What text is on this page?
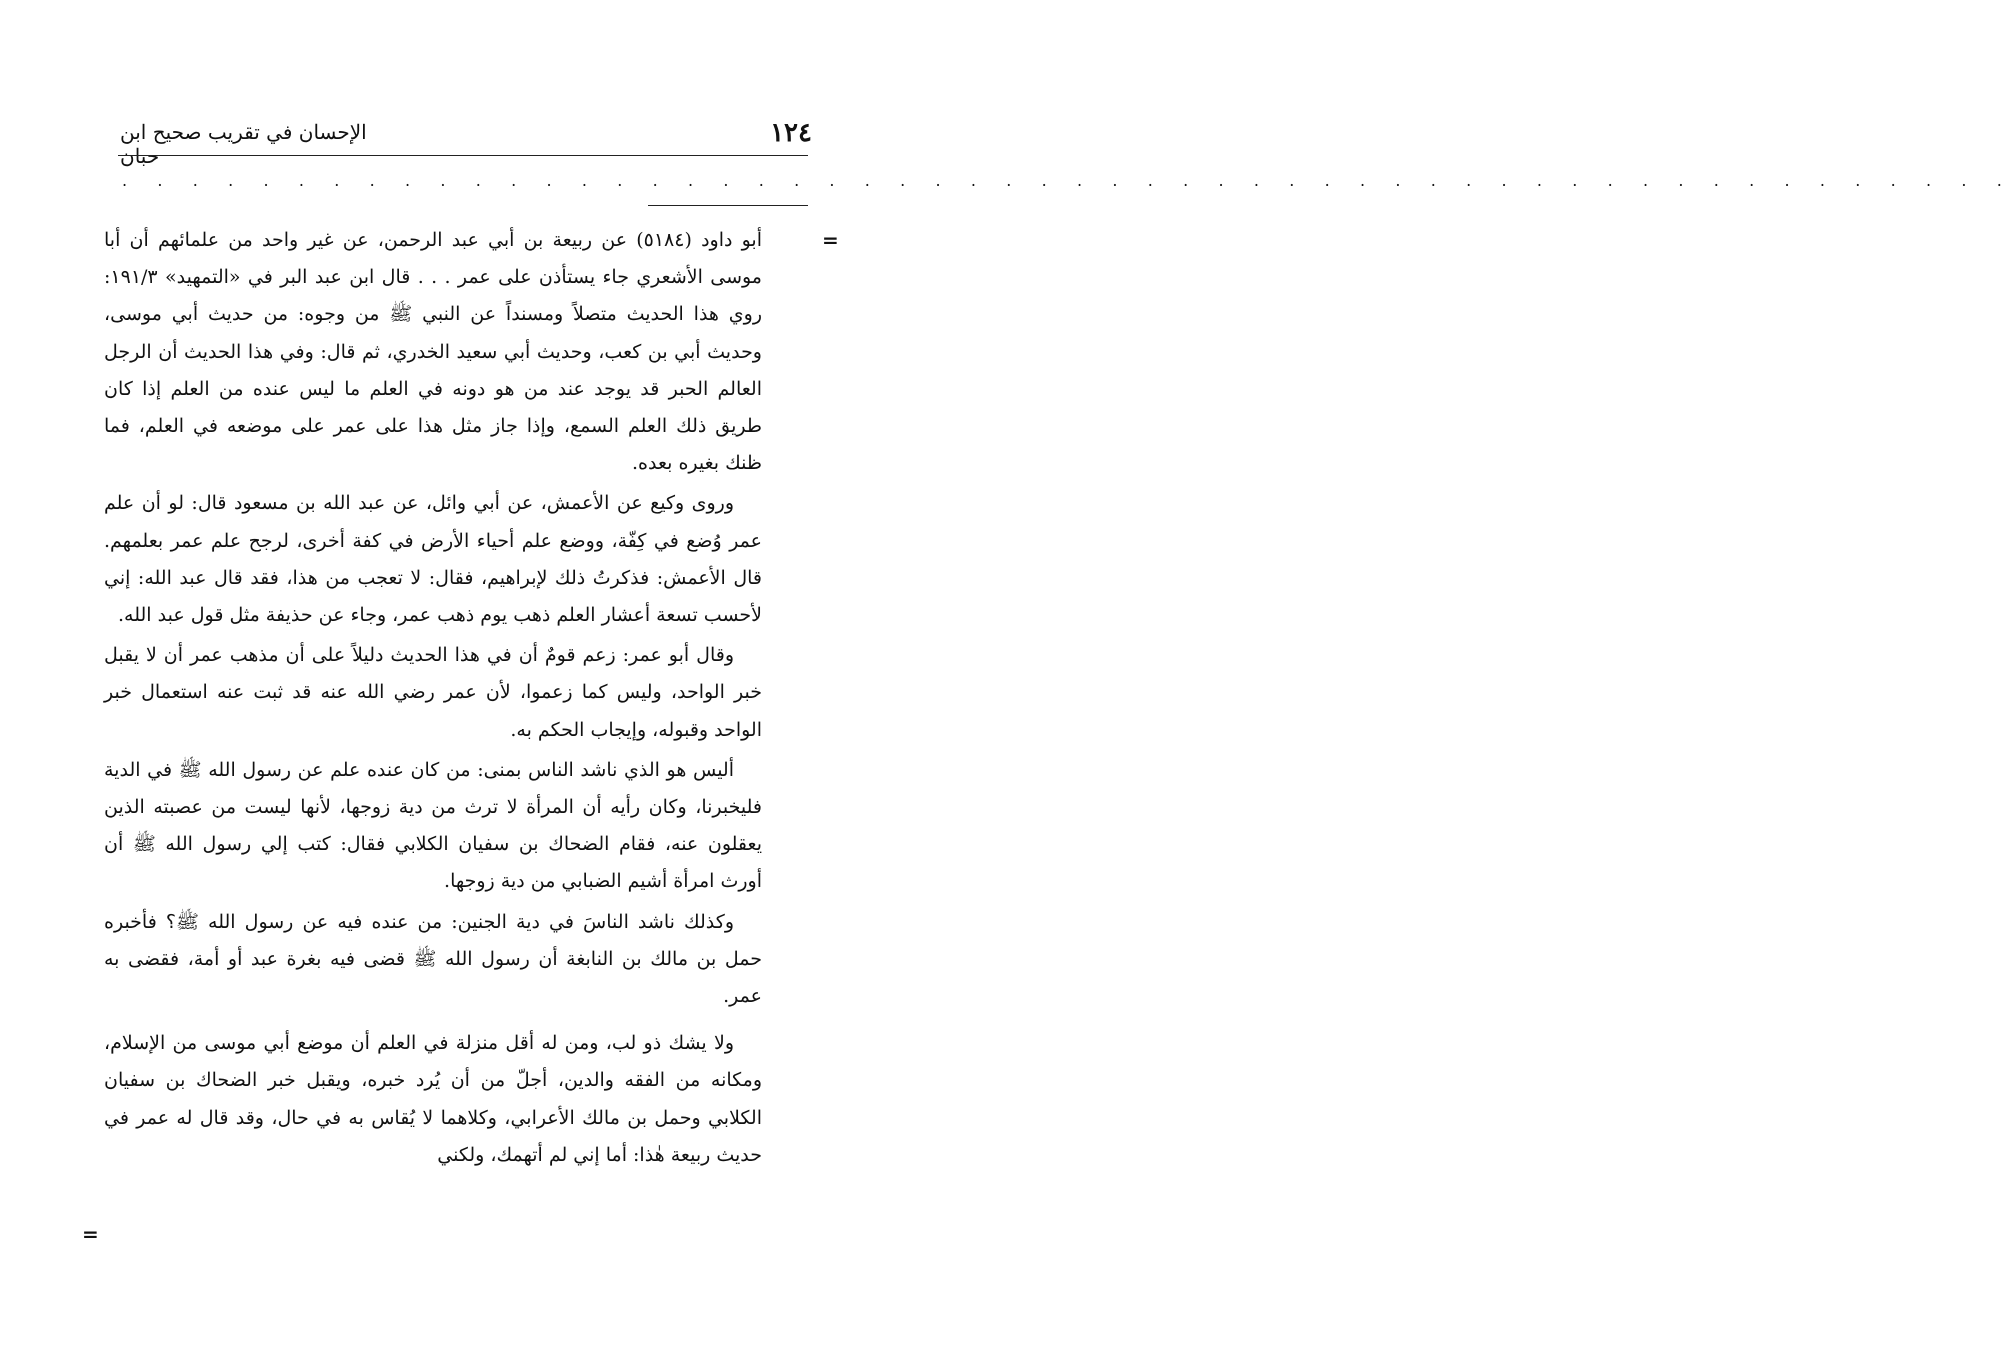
١٢٤
الإحسان في تقريب صحيح ابن حبان
. . . . . . . . . . . . . . . . . . . . . . . . . . . . . . . . . . . . . . . . . . . . . . . . . . . . . .
=

أبو داود (٥١٨٤) عن ربيعة بن أبي عبد الرحمن، عن غير واحد من علمائهم أن أبا موسى الأشعري جاء يستأذن على عمر . . . قال ابن عبد البر في «التمهيد» ١٩١/٣: روي هذا الحديث متصلاً ومسنداً عن النبي ﷺ من وجوه: من حديث أبي موسى، وحديث أبي بن كعب، وحديث أبي سعيد الخدري، ثم قال: وفي هذا الحديث أن الرجل العالم الحبر قد يوجد عند من هو دونه في العلم ما ليس عنده من العلم إذا كان طريق ذلك العلم السمع، وإذا جاز مثل هذا على عمر على موضعه في العلم، فما ظنك بغيره بعده.

وروى وكيع عن الأعمش، عن أبي وائل، عن عبد الله بن مسعود قال: لو أن علم عمر وُضع في كِفّة، ووضع علم أحياء الأرض في كفة أخرى، لرجح علم عمر بعلمهم. قال الأعمش: فذكرتُ ذلك لإبراهيم، فقال: لا تعجب من هذا، فقد قال عبد الله: إني لأحسب تسعة أعشار العلم ذهب يوم ذهب عمر، وجاء عن حذيفة مثل قول عبد الله.

وقال أبو عمر: زعم قومٌ أن في هذا الحديث دليلاً على أن مذهب عمر أن لا يقبل خبر الواحد، وليس كما زعموا، لأن عمر رضي الله عنه قد ثبت عنه استعمال خبر الواحد وقبوله، وإيجاب الحكم به.

أليس هو الذي ناشد الناس بمنى: من كان عنده علم عن رسول الله ﷺ في الدية فليخبرنا، وكان رأيه أن المرأة لا ترث من دية زوجها، لأنها ليست من عصبته الذين يعقلون عنه، فقام الضحاك بن سفيان الكلابي فقال: كتب إلي رسول الله ﷺ أن أورث امرأة أشيم الضبابي من دية زوجها.

وكذلك ناشد الناسَ في دية الجنين: من عنده فيه عن رسول الله ﷺ؟ فأخبره حمل بن مالك بن النابغة أن رسول الله ﷺ قضى فيه بغرة عبد أو أمة، فقضى به عمر.

ولا يشك ذو لب، ومن له أقل منزلة في العلم أن موضع أبي موسى من الإسلام، ومكانه من الفقه والدين، أجلّ من أن يُرد خبره، ويقبل خبر الضحاك بن سفيان الكلابي وحمل بن مالك الأعرابي، وكلاهما لا يُقاس به في حال، وقد قال له عمر في حديث ربيعة هٰذا: أما إني لم أتهمك، ولكني

=
